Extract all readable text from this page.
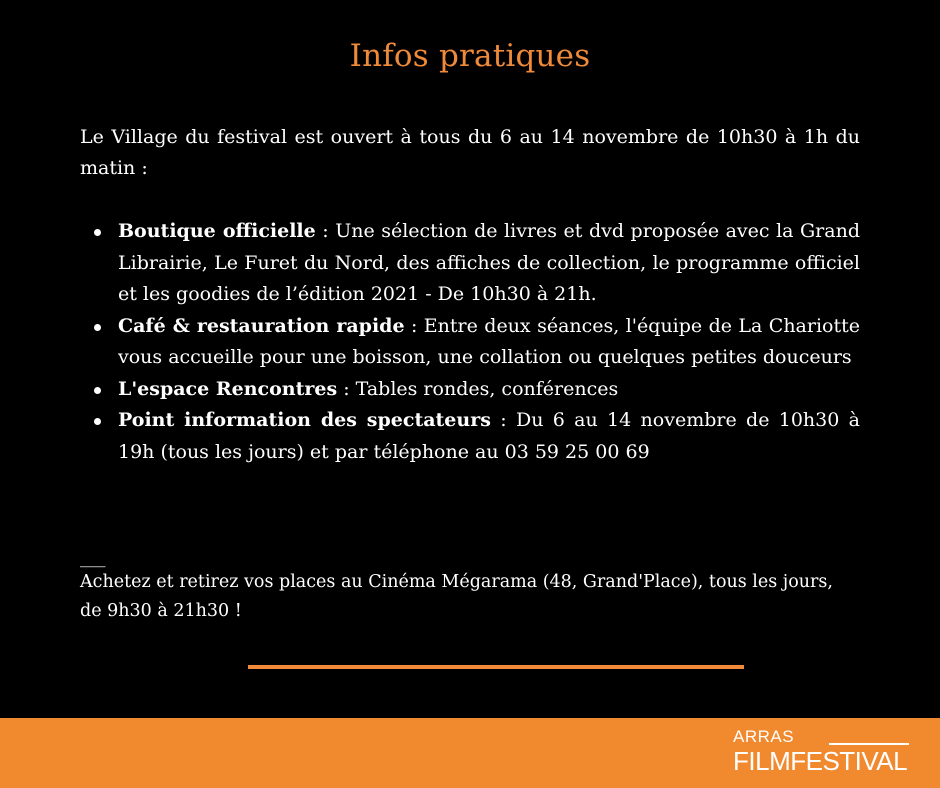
Infos pratiques
Le Village du festival est ouvert à tous du 6 au 14 novembre de 10h30 à 1h du matin :
Boutique officielle : Une sélection de livres et dvd proposée avec la Grand Librairie, Le Furet du Nord, des affiches de collection, le programme officiel et les goodies de l’édition 2021 - De 10h30 à 21h.
Café & restauration rapide : Entre deux séances, l'équipe de La Chariotte vous accueille pour une boisson, une collation ou quelques petites douceurs
L'espace Rencontres : Tables rondes, conférences
Point information des spectateurs : Du 6 au 14 novembre de 10h30 à 19h (tous les jours) et par téléphone au 03 59 25 00 69
___
Achetez et retirez vos places au Cinéma Mégarama (48, Grand'Place), tous les jours, de 9h30 à 21h30 !
ARRAS
FILMFESTIVAL
